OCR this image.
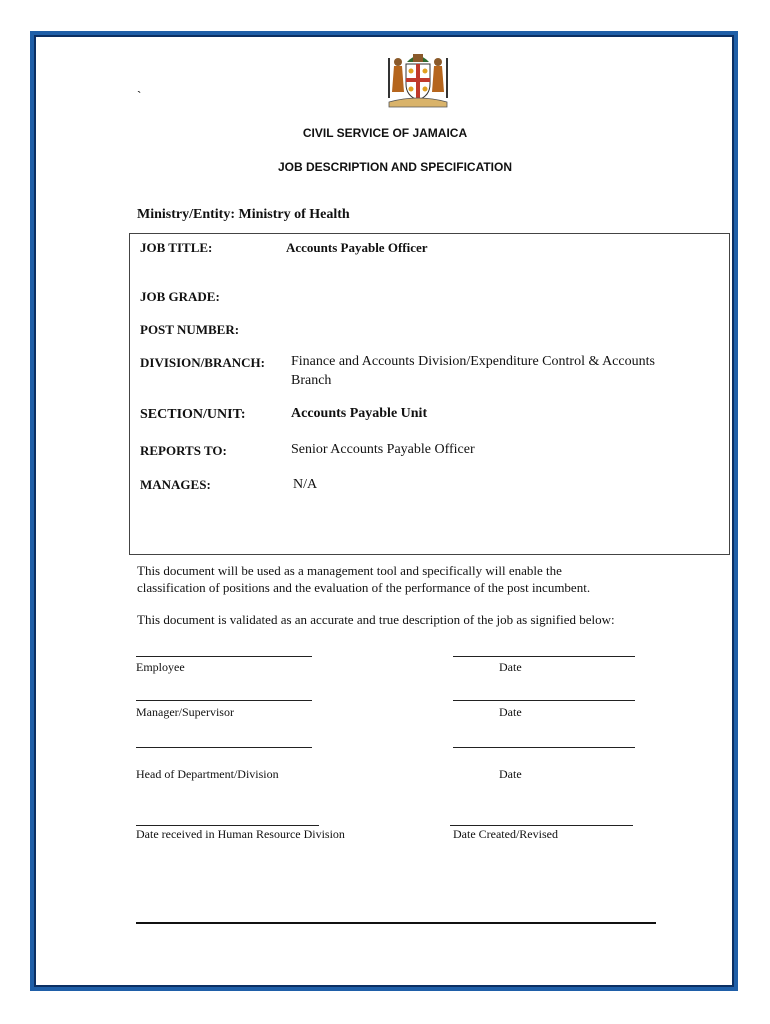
`
CIVIL SERVICE OF JAMAICA
JOB DESCRIPTION AND SPECIFICATION
Ministry/Entity: Ministry of Health
JOB TITLE:	Accounts Payable Officer
JOB GRADE:
POST NUMBER:
DIVISION/BRANCH: Finance and Accounts Division/Expenditure Control & Accounts
Branch
SECTION/UNIT:	Accounts Payable Unit
REPORTS TO:	Senior Accounts Payable Officer
MANAGES:	N/A
This document will be used as a management tool and specifically will enable the
classification of positions and the evaluation of the performance of the post incumbent.
This document is validated as an accurate and true description of the job as signified below:
Employee	Date
Manager/Supervisor	Date
Head of Department/Division	Date
Date received in Human Resource Division	Date Created/Revised
